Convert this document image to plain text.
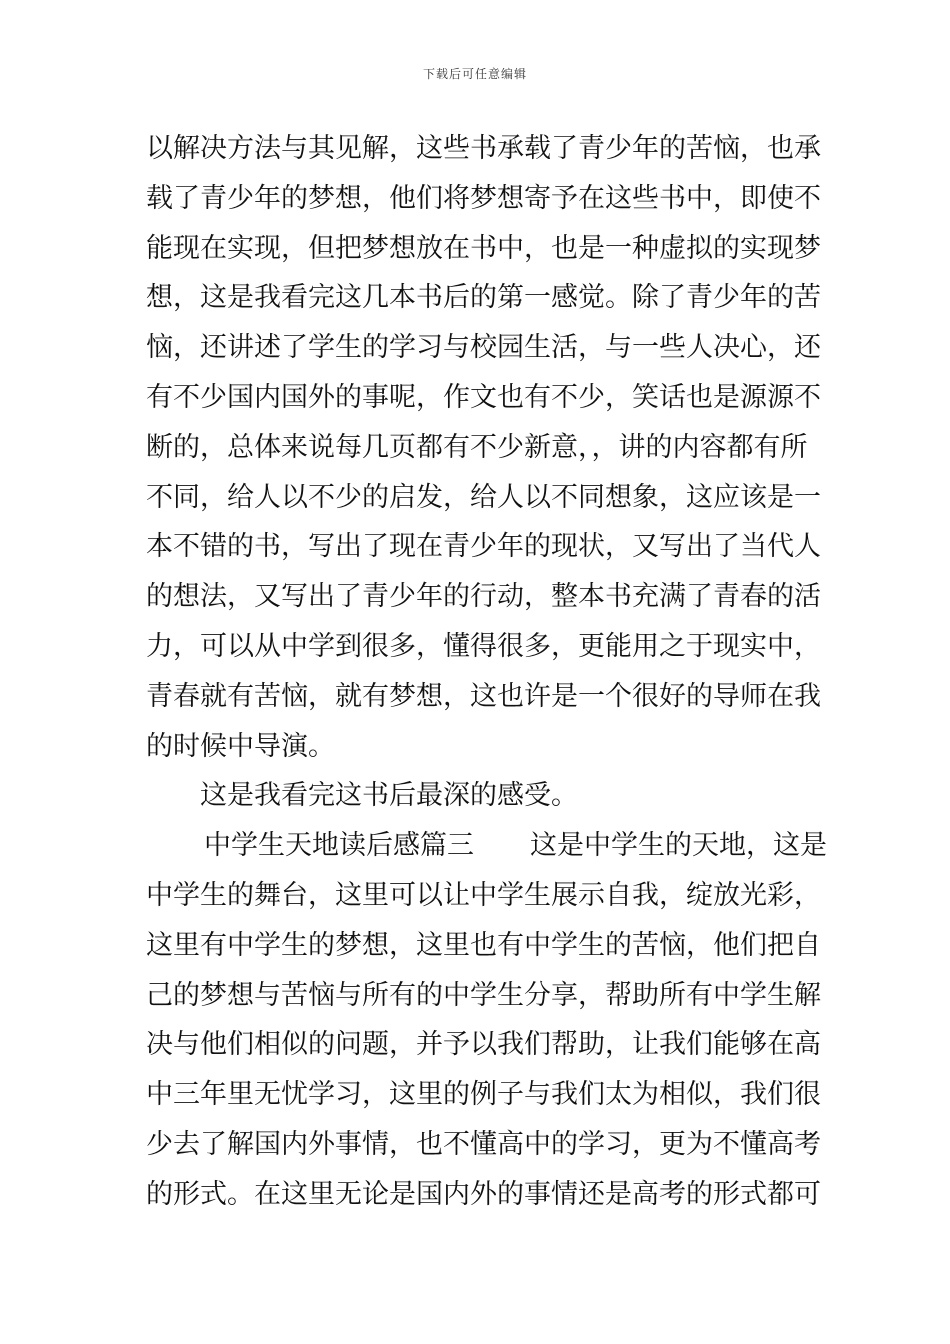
下载后可任意编辑
以解决方法与其见解，这些书承载了青少年的苦恼，也承
载了青少年的梦想，他们将梦想寄予在这些书中，即使不
能现在实现，但把梦想放在书中，也是一种虚拟的实现梦
想，这是我看完这几本书后的第一感觉。除了青少年的苦
恼，还讲述了学生的学习与校园生活，与一些人决心，还
有不少国内国外的事呢，作文也有不少，笑话也是源源不
断的，总体来说每几页都有不少新意，，讲的内容都有所
不同，给人以不少的启发，给人以不同想象，这应该是一
本不错的书，写出了现在青少年的现状，又写出了当代人
的想法，又写出了青少年的行动，整本书充满了青春的活
力，可以从中学到很多，懂得很多，更能用之于现实中，
青春就有苦恼，就有梦想，这也许是一个很好的导师在我
的时候中导演。
这是我看完这书后最深的感受。
中学生天地读后感篇三 这是中学生的天地，这是
中学生的舞台，这里可以让中学生展示自我，绽放光彩，
这里有中学生的梦想，这里也有中学生的苦恼，他们把自
己的梦想与苦恼与所有的中学生分享，帮助所有中学生解
决与他们相似的问题，并予以我们帮助，让我们能够在高
中三年里无忧学习，这里的例子与我们太为相似，我们很
少去了解国内外事情，也不懂高中的学习，更为不懂高考
的形式。在这里无论是国内外的事情还是高考的形式都可
